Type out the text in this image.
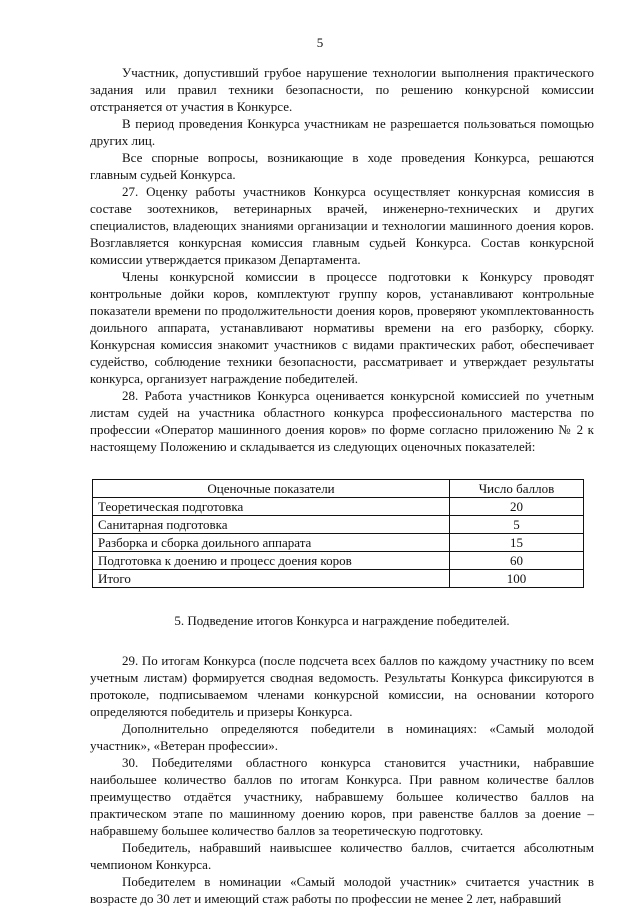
5

Участник, допустивший грубое нарушение технологии выполнения практического задания или правил техники безопасности, по решению конкурсной комиссии отстраняется от участия в Конкурсе.

В период проведения Конкурса участникам не разрешается пользоваться помощью других лиц.

Все спорные вопросы, возникающие в ходе проведения Конкурса, решаются главным судьей Конкурса.

27. Оценку работы участников Конкурса осуществляет конкурсная комиссия в составе зоотехников, ветеринарных врачей, инженерно-технических и других специалистов, владеющих знаниями организации и технологии машинного доения коров. Возглавляется конкурсная комиссия главным судьей Конкурса. Состав конкурсной комиссии утверждается приказом Департамента.

Члены конкурсной комиссии в процессе подготовки к Конкурсу проводят контрольные дойки коров, комплектуют группу коров, устанавливают контрольные показатели времени по продолжительности доения коров, проверяют укомплектованность доильного аппарата, устанавливают нормативы времени на его разборку, сборку. Конкурсная комиссия знакомит участников с видами практических работ, обеспечивает судейство, соблюдение техники безопасности, рассматривает и утверждает результаты конкурса, организует награждение победителей.

28. Работа участников Конкурса оценивается конкурсной комиссией по учетным листам судей на участника областного конкурса профессионального мастерства по профессии «Оператор машинного доения коров» по форме согласно приложению № 2 к настоящему Положению и складывается из следующих оценочных показателей:

Оценочные показатели	Число баллов
Теоретическая подготовка	20
Санитарная подготовка	5
Разборка и сборка доильного аппарата	15
Подготовка к доению и процесс доения коров	60
Итого	100

5. Подведение итогов Конкурса и награждение победителей.

29. По итогам Конкурса (после подсчета всех баллов по каждому участнику по всем учетным листам) формируется сводная ведомость. Результаты Конкурса фиксируются в протоколе, подписываемом членами конкурсной комиссии, на основании которого определяются победитель и призеры Конкурса.

Дополнительно определяются победители в номинациях: «Самый молодой участник», «Ветеран профессии».

30. Победителями областного конкурса становится участники, набравшие наибольшее количество баллов по итогам Конкурса. При равном количестве баллов преимущество отдаётся участнику, набравшему большее количество баллов на практическом этапе по машинному доению коров, при равенстве баллов за доение – набравшему большее количество баллов за теоретическую подготовку.

Победитель, набравший наивысшее количество баллов, считается абсолютным чемпионом Конкурса.

Победителем в номинации «Самый молодой участник» считается участник в возрасте до 30 лет и имеющий стаж работы по профессии не менее 2 лет, набравший
